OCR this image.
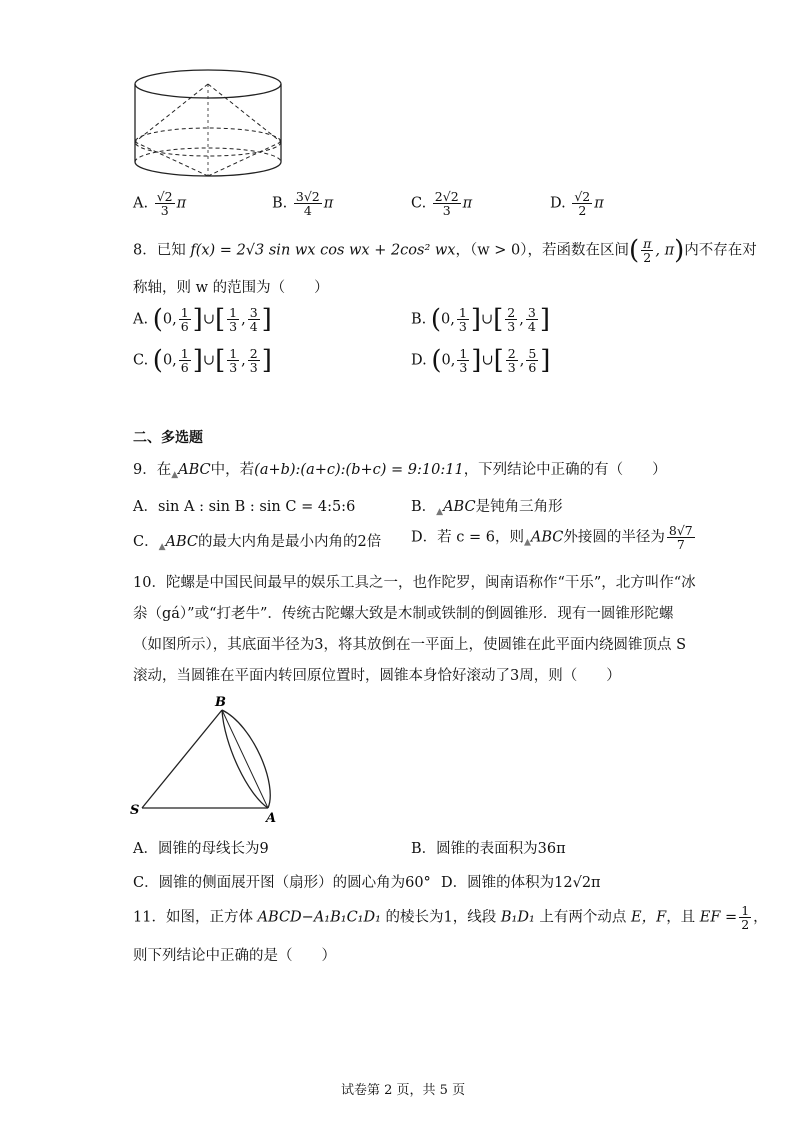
A. $\frac{√2}{3}$ π	B. $\frac{3√2}{4}$ π	C. $\frac{2√2}{3}$ π	D. $\frac{√2}{2}$ π
8．已知 f(x) = 2√3 sin wx cos wx + 2cos² wx，（w > 0），若函数在区间( $\frac{\pi}{2}$ , π)内不存在对
称轴，则 w 的范围为（　　）
A. (0, $\frac{1}{6}$ ]∪[ $\frac{1}{3}$ , $\frac{3}{4}$ ]	B. (0, $\frac{1}{3}$ ]∪[ $\frac{2}{3}$ , $\frac{3}{4}$ ]
C. (0, $\frac{1}{6}$ ]∪[ $\frac{1}{3}$ , $\frac{2}{3}$ ]	D. (0, $\frac{1}{3}$ ]∪[ $\frac{2}{3}$ , $\frac{5}{6}$ ]
二、多选题
9．在$_▲$ABC中，若(a+b):(a+c):(b+c) = 9:10:11，下列结论中正确的有（　　）
A．sin A : sin B : sin C = 4:5:6	B．$_▲$ABC是钝角三角形
C．$_▲$ABC的最大内角是最小内角的2倍 D．若 c = 6，则$_▲$ABC外接圆的半径为 $\frac{8√7}{7}$
10．陀螺是中国民间最早的娱乐工具之一，也作陀罗，闽南语称作“干乐”，北方叫作“冰
尜（gá）”或“打老牛”．传统古陀螺大致是木制或铁制的倒圆锥形．现有一圆锥形陀螺
（如图所示），其底面半径为3，将其放倒在一平面上，使圆锥在此平面内绕圆锥顶点 S
滚动，当圆锥在平面内转回原位置时，圆锥本身恰好滚动了3周，则（　　）
B
S
A
A．圆锥的母线长为9	B．圆锥的表面积为36π
C．圆锥的侧面展开图（扇形）的圆心角为60° D．圆锥的体积为12√2π
11．如图，正方体 ABCD−A₁B₁C₁D₁ 的棱长为1，线段 B₁D₁ 上有两个动点 E，F，且 EF = $\frac{1}{2}$ ，
则下列结论中正确的是（　　）
试卷第 2 页，共 5 页
